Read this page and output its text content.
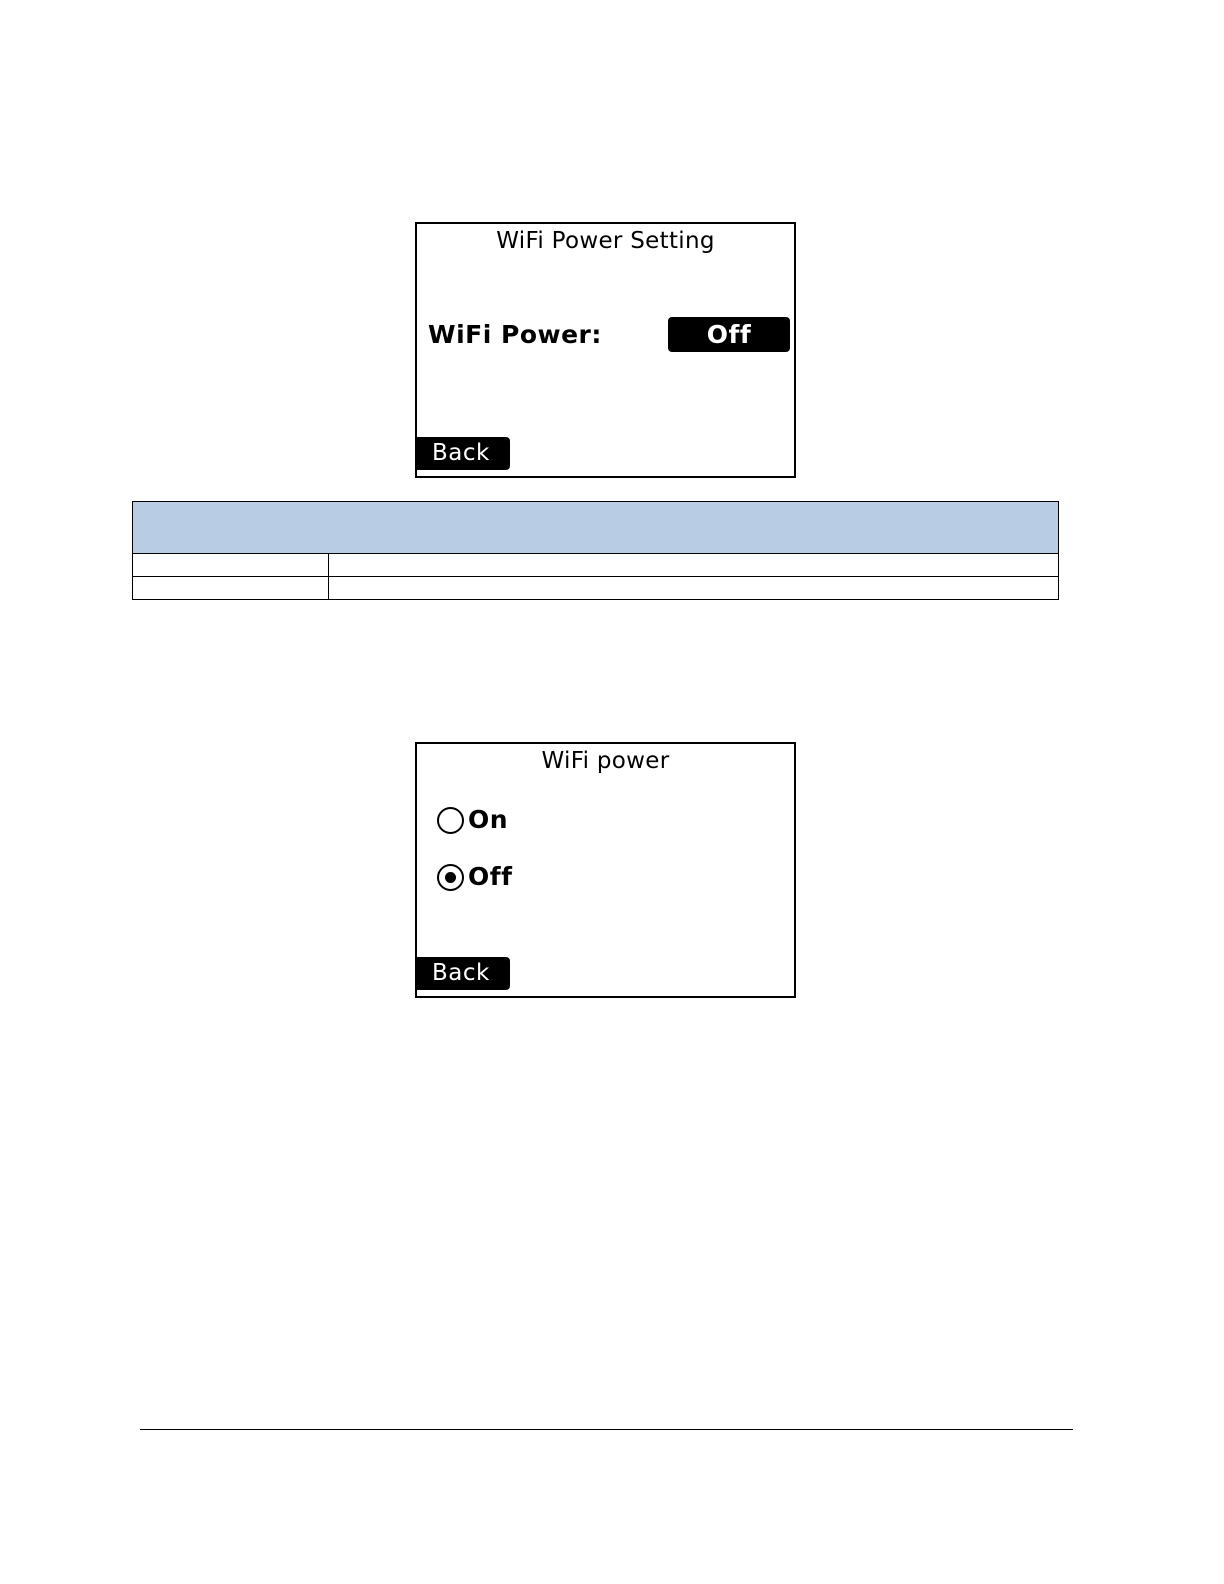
WiFi Power Setting
WiFi Power:	Off
Back

WiFi power
On
Off
Back
